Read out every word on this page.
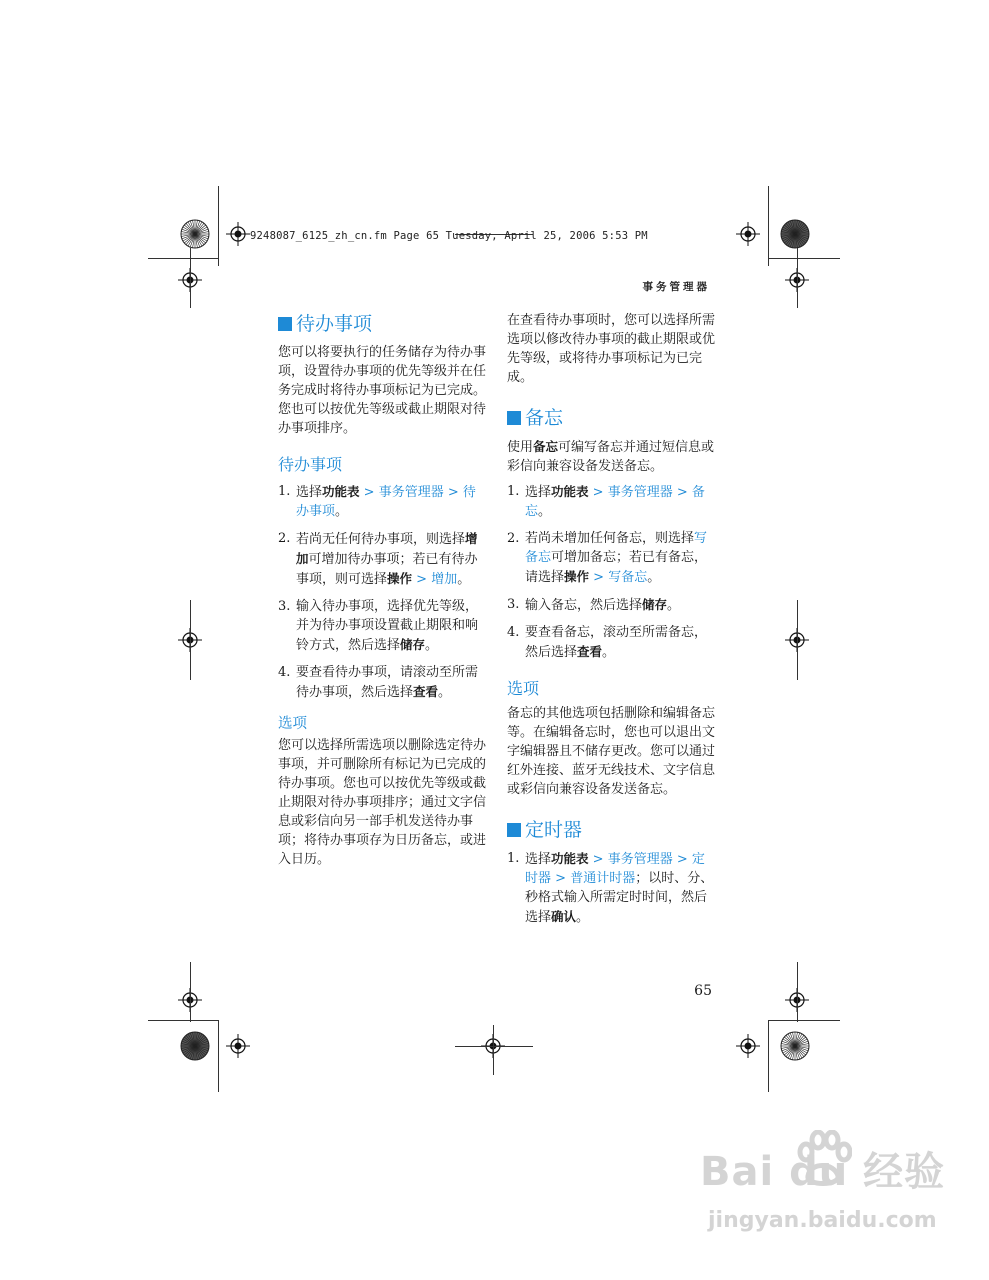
9248087_6125_zh_cn.fm Page 65 Tuesday, April 25, 2006 5:53 PM
事务管理器
待办事项

您可以将要执行的任务储存为待办事项，设置待办事项的优先等级并在任务完成时将待办事项标记为已完成。您也可以按优先等级或截止期限对待办事项排序。

待办事项
1. 选择功能表 > 事务管理器 > 待办事项。
2. 若尚无任何待办事项，则选择增加可增加待办事项；若已有待办事项，则可选择操作 > 增加。
3. 输入待办事项，选择优先等级，并为待办事项设置截止期限和响铃方式，然后选择储存。
4. 要查看待办事项，请滚动至所需待办事项，然后选择查看。
选项

您可以选择所需选项以删除选定待办事项，并可删除所有标记为已完成的待办事项。您也可以按优先等级或截止期限对待办事项排序；通过文字信息或彩信向另一部手机发送待办事项；将待办事项存为日历备忘，或进入日历。

在查看待办事项时，您可以选择所需选项以修改待办事项的截止期限或优先等级，或将待办事项标记为已完成。

备忘

使用备忘可编写备忘并通过短信息或彩信向兼容设备发送备忘。

1. 选择功能表 > 事务管理器 > 备忘。
2. 若尚未增加任何备忘，则选择写备忘可增加备忘；若已有备忘，请选择操作 > 写备忘。
3. 输入备忘，然后选择储存。
4. 要查看备忘，滚动至所需备忘，然后选择查看。
选项

备忘的其他选项包括删除和编辑备忘等。在编辑备忘时，您也可以退出文字编辑器且不储存更改。您可以通过红外连接、蓝牙无线技术、文字信息或彩信向兼容设备发送备忘。

定时器
1. 选择功能表 > 事务管理器 > 定时器 > 普通计时器；以时、分、秒格式输入所需定时时间，然后选择确认。
65
Bai du 经验
jingyan.baidu.com
